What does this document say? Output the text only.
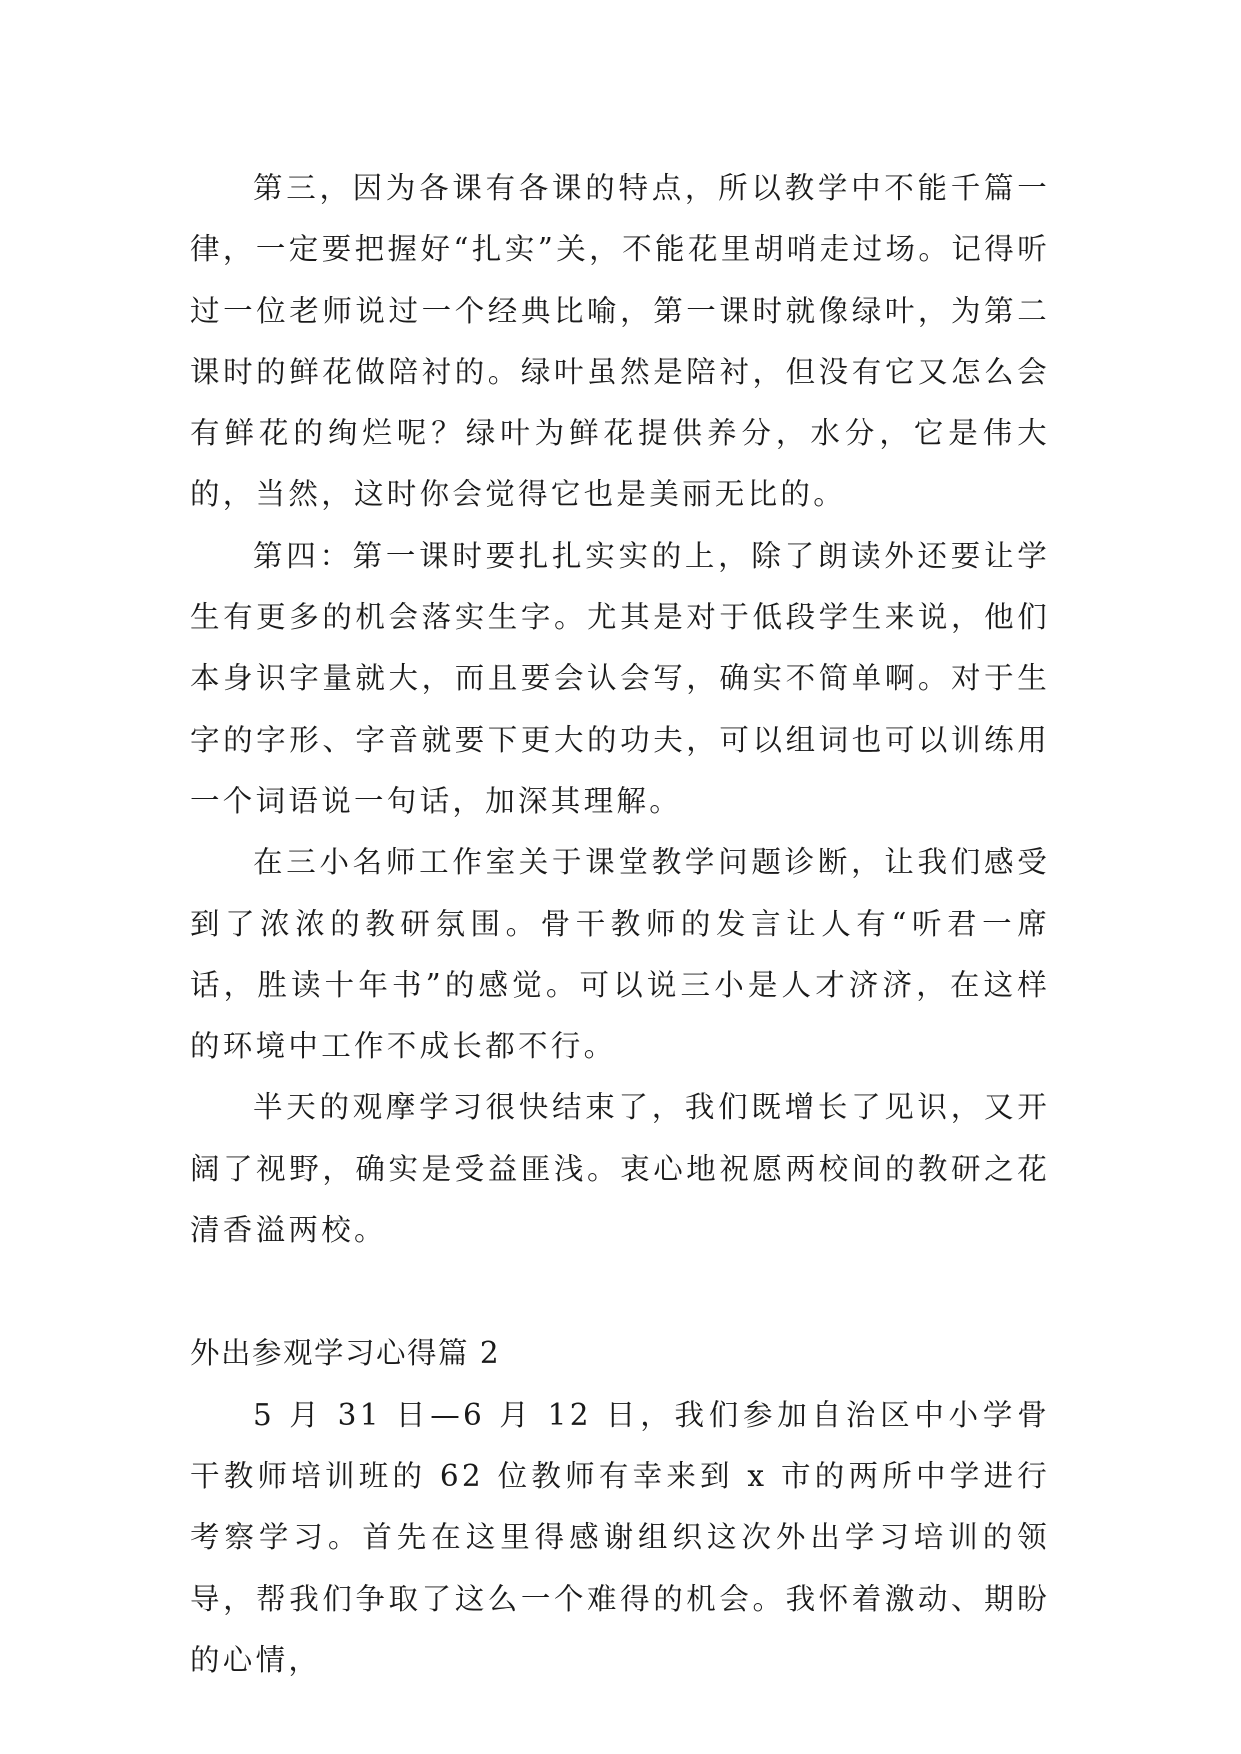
第三，因为各课有各课的特点，所以教学中不能千篇一律，一定要把握好“扎实”关，不能花里胡哨走过场。记得听过一位老师说过一个经典比喻，第一课时就像绿叶，为第二课时的鲜花做陪衬的。绿叶虽然是陪衬，但没有它又怎么会有鲜花的绚烂呢？绿叶为鲜花提供养分，水分，它是伟大的，当然，这时你会觉得它也是美丽无比的。

第四：第一课时要扎扎实实的上，除了朗读外还要让学生有更多的机会落实生字。尤其是对于低段学生来说，他们本身识字量就大，而且要会认会写，确实不简单啊。对于生字的字形、字音就要下更大的功夫，可以组词也可以训练用一个词语说一句话，加深其理解。

在三小名师工作室关于课堂教学问题诊断，让我们感受到了浓浓的教研氛围。骨干教师的发言让人有“听君一席话，胜读十年书”的感觉。可以说三小是人才济济，在这样的环境中工作不成长都不行。

半天的观摩学习很快结束了，我们既增长了见识，又开阔了视野，确实是受益匪浅。衷心地祝愿两校间的教研之花清香溢两校。

外出参观学习心得篇 2

5 月 31 日—6 月 12 日，我们参加自治区中小学骨干教师培训班的 62 位教师有幸来到 x 市的两所中学进行考察学习。首先在这里得感谢组织这次外出学习培训的领导，帮我们争取了这么一个难得的机会。我怀着激动、期盼的心情，
